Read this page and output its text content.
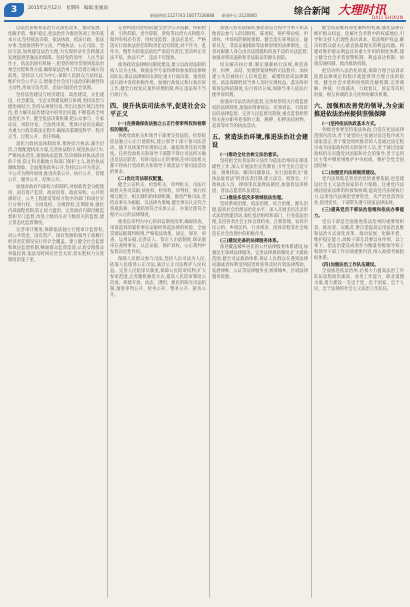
3	2015年2月12日 星期四 编辑:张雁南
新闻热线:2127743 18077226888 新闻中心:2120800	综合新闻 大理时讯
DALI SHIXUN

以法治思维和法治方式深化改革、推动发展、化解矛盾、维护稳定,把法治作为推进各项工作的基本方式,坚持依法决策、依法执政、依法行政、依法办事,全面推进科学立法、严格执法、公正司法、全民守法,加快建设法治大理,为实现经济社会跨越式发展提供坚强法治保障。坚持党的领导、人民当家作主、依法治国有机统一,把党的领导贯彻到依法治州全过程和各方面,确保依法治州工作沿着正确方向前进。坚持以人民为中心,保障人民群众合法权益,维护社会公平正义,增强全社会厉行法治的积极性和主动性,形成守法光荣、违法可耻的社会氛围。

坚持法治建设与经济建设、政治建设、文化建设、社会建设、生态文明建设相互协调,坚持法治与德治相结合,坚持从州情出发,突出民族区域自治特色,着力解决法治建设中的突出问题,不断提高全州法治化水平。健全依法决策机制,把公众参与、专家论证、风险评估、合法性审查、集体讨论决定确定为重大行政决策法定程序,确保决策制度科学、程序正当、过程公开、责任明确。

深化行政执法体制改革,推进综合执法,减少层次,合理配置执法力量,完善执法程序,规范执法行为,严格执法责任,加强执法监督,坚决排除对执法活动的干预,防止和克服地方和部门保护主义,惩治执法腐败现象。全面推进政务公开,坚持以公开为常态、不公开为例外原则,推进决策公开、执行公开、管理公开、服务公开、结果公开。

加强对政府内部权力的制约,对财政资金分配使用、国有资产监管、政府投资、政府采购、公共资源转让、公共工程建设等权力集中的部门和岗位实行分事行权、分岗设权、分级授权,定期轮岗,强化内部流程控制,防止权力滥用。完善政府内部层级监督和专门监督,改进上级机关对下级机关的监督,建立常态化监督制度。

完善审计制度,保障依法独立行使审计监督权,对公共资金、国有资产、国有资源和领导干部履行经济责任情况实行审计全覆盖。建立健全社会监督和舆论监督机制,畅通群众监督渠道,认真受理群众举报投诉,依法及时回应社会关切,切实把权力关进制度的笼子里。

完善纠错问责机制,健全责令公开道歉、停职检查、引咎辞职、责令辞职、罢免等问责方式和程序,做到有权必有责、用权受监督、违法必追究。严格落实行政执法责任制和责任追究制度,对不作为、乱作为、慢作为的依法依纪严肃追究责任,坚决纠正有法不依、执法不严、违法不究现象。

推进政府法律顾问制度建设,建立以政府法制机构人员为主体、吸收法学专家和律师参加的法律顾问队伍,保证法律顾问在制定重大行政决策、推进依法行政中发挥积极作用。加强行政复议和行政应诉工作,健全行政复议案件审理机制,纠正违法和不当行政行为。

四、提升执法司法水平,促进社会公平正义
(一)完善确保依法独立公正行使审判权和检察权的制度。

各级党政机关和领导干部要支持法院、检察院依法独立公正行使职权,建立领导干部干预司法活动、插手具体案件处理的记录、通报和责任追究制度。任何党政机关和领导干部都不得让司法机关做违反法定职责、有碍司法公正的事情,任何司法机关都不得执行党政机关和领导干部违法干预司法活动的要求。

(二)优化司法职权配置。

健全公安机关、检察机关、审判机关、司法行政机关各司其职,侦查权、检察权、审判权、执行权相互配合、相互制约的体制机制。推进严格司法,坚持以事实为根据、以法律为准绳,健全事实认定符合客观真相、办案结果符合实体公正、办案过程符合程序公正的法律制度。

推进以审判为中心的诉讼制度改革,确保侦查、审查起诉的案件事实证据经得起法律的检验。全面贯彻证据裁判规则,严格依法收集、固定、保存、审查、运用证据,完善证人、鉴定人出庭制度,保证庭审在查明事实、认定证据、保护诉权、公正裁判中发挥决定性作用。

保障人民群众参与司法,坚持人民司法为人民,依靠人民推进公正司法,通过公正司法维护人民权益。完善人民陪审员制度,保障公民陪审权利,扩大参审范围,完善随机抽选方式,提高人民陪审制度公信度。构建开放、动态、透明、便民的阳光司法机制,推进审判公开、检务公开、警务公开、狱务公开。

加强人权司法保障,强化诉讼过程中当事人和其他诉讼参与人的知情权、陈述权、辩护辩论权、申请权、申诉权的制度保障。健全落实罪刑法定、疑罪从无、非法证据排除等法律原则的法律制度。完善对限制人身自由司法措施和侦查手段的司法监督,加强对刑讯逼供和非法取证的源头预防。

切实解决执行难,制定强制执行法规,规范查封、扣押、冻结、处理涉案财物的司法程序。加快建立失信被执行人信用监督、威慑和惩戒法律制度。依法保障胜诉当事人及时实现权益。落实终审和诉讼终结制度,实行诉访分离,保障当事人依法行使申诉权利。

加强对司法活动的监督,完善检察机关行使监督权的法律制度,加强对刑事诉讼、民事诉讼、行政诉讼的法律监督。完善人民监督员制度,重点监督检察机关查办职务犯罪的立案、羁押、扣押冻结财物、起诉等环节的执法活动。

五、营造法治环境,推进法治社会建设
(一)推动全社会树立法治意识。

坚持把全民普法和守法作为依法治州的长期基础性工作,深入开展法治宣传教育,引导全民自觉守法、遇事找法、解决问题靠法。实行国家机关"谁执法谁普法"的普法责任制,建立法官、检察官、行政执法人员、律师等以案释法制度,加强普法讲师团、普法志愿者队伍建设。

(二)推进多层次多领域依法治理。

坚持系统治理、依法治理、综合治理、源头治理,提高社会治理法治化水平。深入开展多层次多形式法治创建活动,深化基层组织和部门、行业依法治理,支持各类社会主体自我约束、自我管理。发挥市民公约、乡规民约、行业规章、团体章程等社会规范在社会治理中的积极作用。

(三)建设完备的法律服务体系。

推进覆盖城乡居民的公共法律服务体系建设,加强民生领域法律服务。完善法律援助制度,扩大援助范围,健全司法救助体系,保证人民群众在遇到法律问题或者权利受到侵害时获得及时有效法律帮助。发展律师、公证等法律服务业,统筹城乡、区域法律服务资源。

健全依法维权和化解纠纷机制,强化法律在维护群众权益、化解社会矛盾中的权威地位,引导和支持人们理性表达诉求、依法维护权益,解决好群众最关心最直接最现实的利益问题。构建对维护群众利益具有重大作用的制度体系,建立健全社会矛盾预警机制、利益表达机制、协商沟通机制、救济救助机制。

把信访纳入法治化轨道,保障合理合法诉求依照法律规定和程序就能得到合理合法的结果。健全社会矛盾纠纷预防化解机制,完善调解、仲裁、行政裁决、行政复议、诉讼等有机衔接、相互协调的多元化纠纷解决机制。

六、加强和改善党的领导,为全面推进依法治州提供坚强保障
(一)坚持依法执政基本方式。

各级党委要坚持依法执政,自觉在宪法法律范围内活动,善于使党的主张通过法定程序成为国家意志,善于使党组织推荐的人选通过法定程序成为国家政权机关的领导人员,善于通过国家政权机关实施党对国家和社会的领导,善于运用民主集中制原则维护中央权威、维护全党全国团结统一。

(二)加强党内法规制度建设。

党内法规既是管党治党的重要依据,也是建设社会主义法治国家的有力保障。注重党内法规同国家法律的衔接和协调,提高党内法规执行力,运用党内法规把党要管党、从严治党落到实处,促进党员、干部带头遵守国家法律法规。

(三)提高党员干部法治思维和依法办事能力。

党员干部是全面推进依法治州的重要组织者、推动者、实践者,要自觉提高运用法治思维和法治方式深化改革、推动发展、化解矛盾、维护稳定能力,高级干部尤其要以身作则、以上率下。把法治建设成效作为衡量各级领导班子和领导干部工作实绩重要内容,纳入政绩考核指标体系。

(四)加强法治工作队伍建设。

全面推进依法治州,必须大力提高法治工作队伍思想政治素质、业务工作能力、职业道德水准,着力建设一支忠于党、忠于国家、忠于人民、忠于法律的社会主义法治工作队伍。
